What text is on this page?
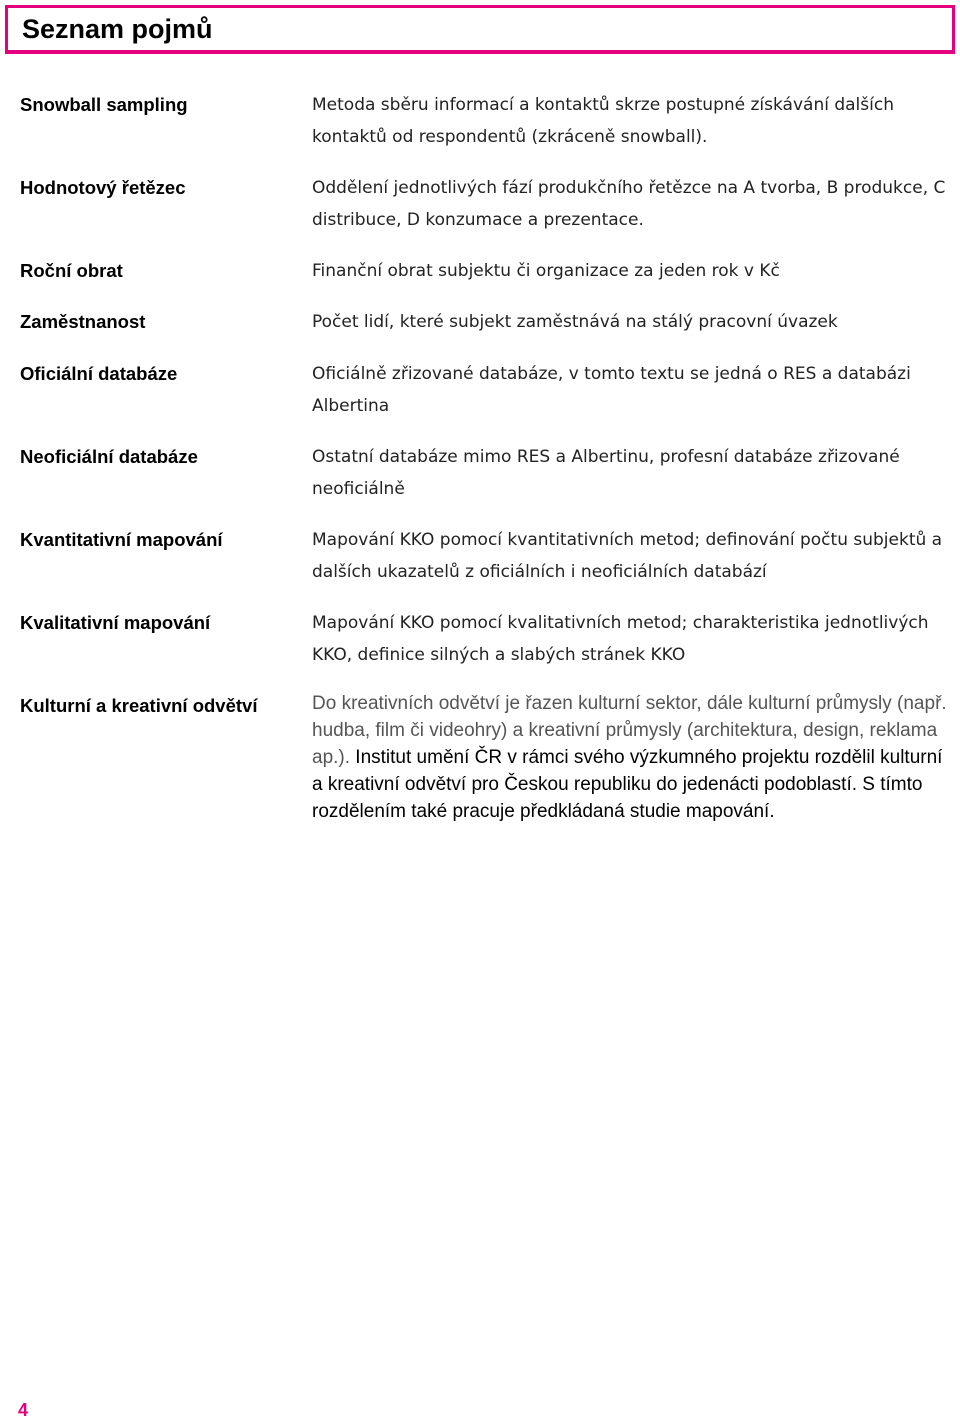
Seznam pojmů
Snowball sampling	Metoda sběru informací a kontaktů skrze postupné získávání dalších kontaktů od respondentů (zkráceně snowball).
Hodnotový řetězec	Oddělení jednotlivých fází produkčního řetězce na A tvorba, B produkce, C distribuce, D konzumace a prezentace.
Roční obrat	Finanční obrat subjektu či organizace za jeden rok v Kč
Zaměstnanost	Počet lidí, které subjekt zaměstnává na stálý pracovní úvazek
Oficiální databáze	Oficiálně zřizované databáze, v tomto textu se jedná o RES a databázi Albertina
Neoficiální databáze	Ostatní databáze mimo RES a Albertinu, profesní databáze zřizované neoficiálně
Kvantitativní mapování	Mapování KKO pomocí kvantitativních metod; definování počtu subjektů a dalších ukazatelů z oficiálních i neoficiálních databází
Kvalitativní mapování	Mapování KKO pomocí kvalitativních metod; charakteristika jednotlivých KKO, definice silných a slabých stránek KKO
Kulturní a kreativní odvětví	Do kreativních odvětví je řazen kulturní sektor, dále kulturní průmysly (např. hudba, film či videohry) a kreativní průmysly (architektura, design, reklama ap.). Institut umění ČR v rámci svého výzkumného projektu rozdělil kulturní a kreativní odvětví pro Českou republiku do jedenácti podoblastí. S tímto rozdělením také pracuje předkládaná studie mapování.
4
